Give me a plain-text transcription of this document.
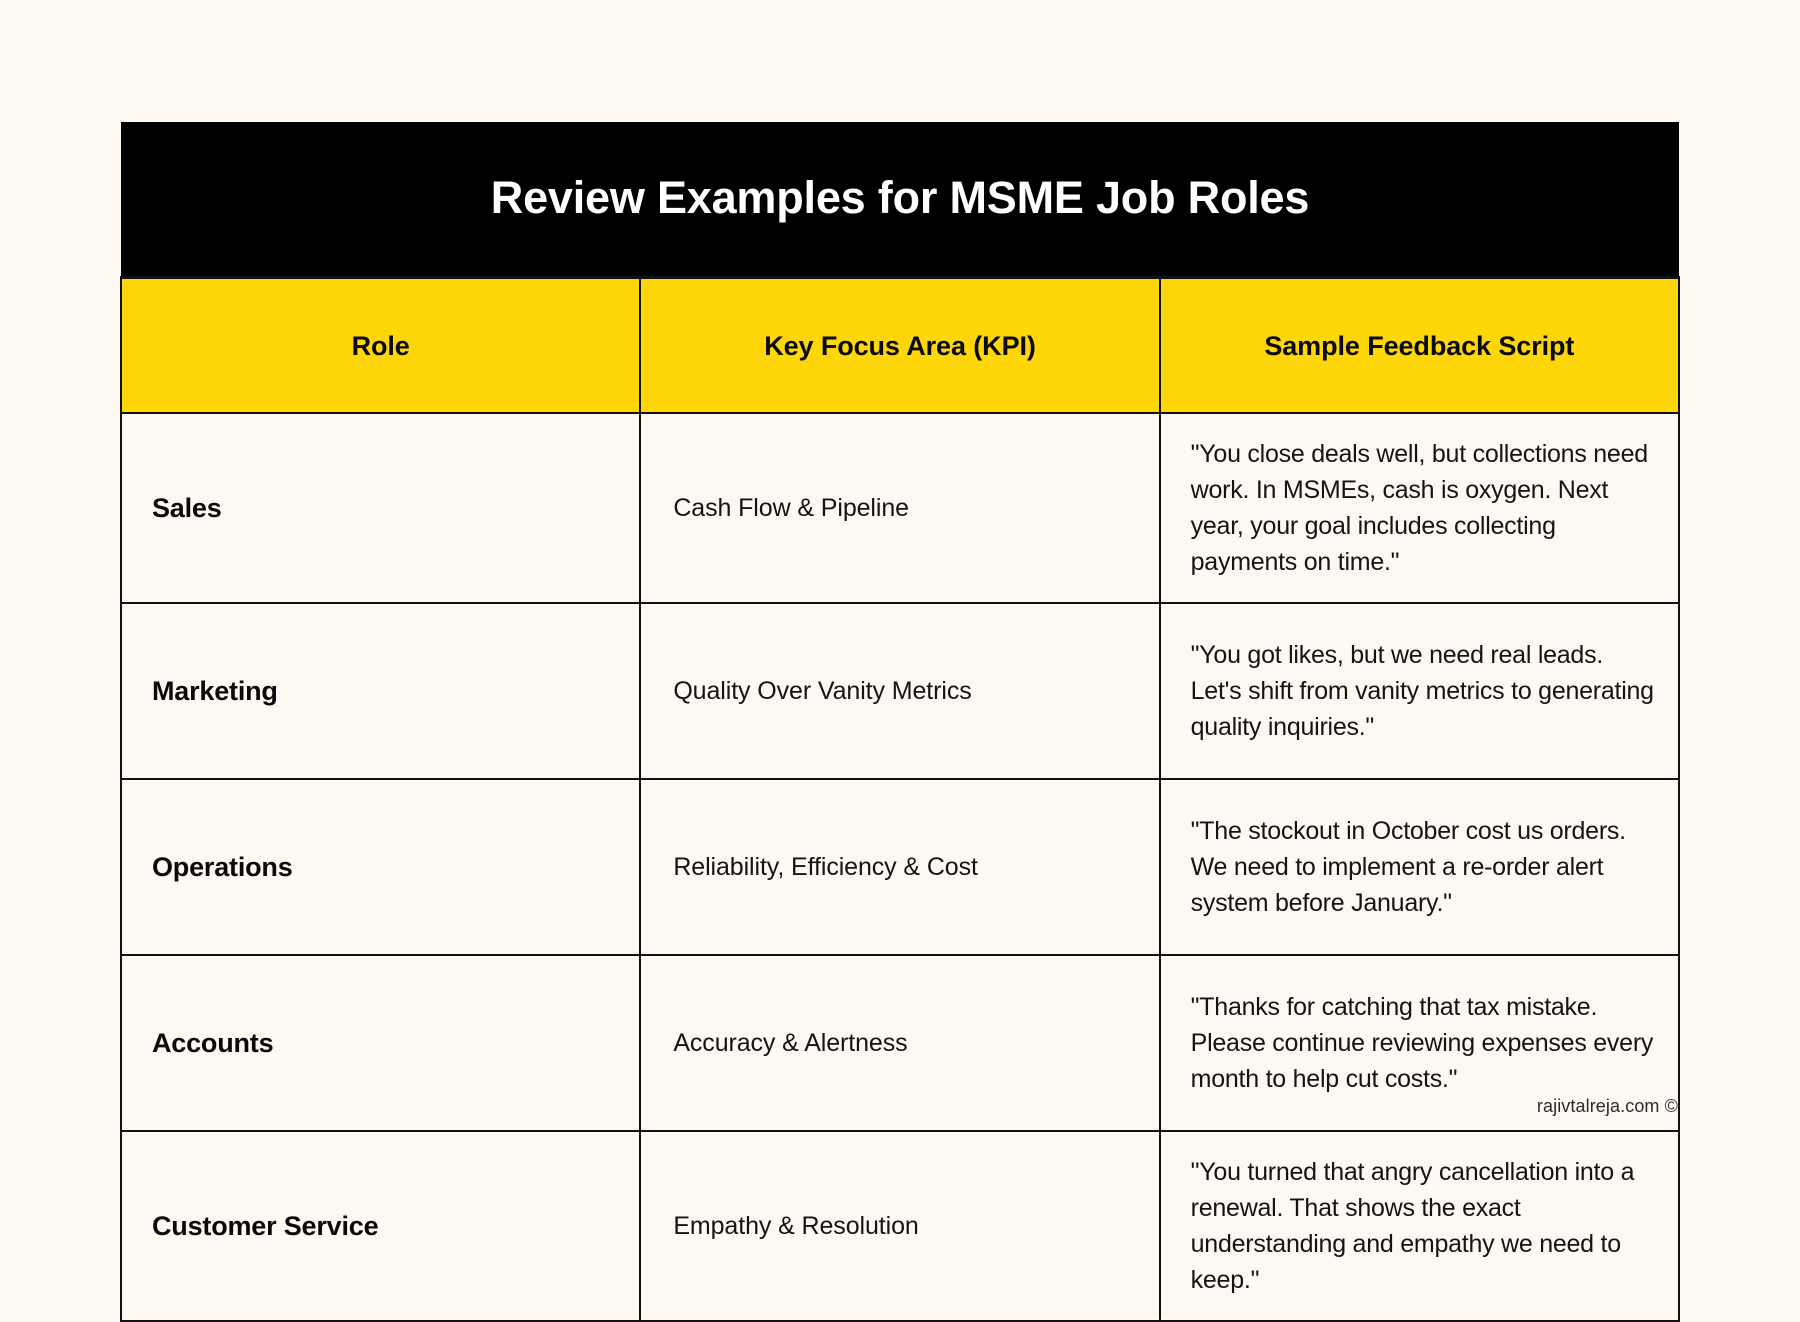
Review Examples for MSME Job Roles		
Role	Key Focus Area (KPI)	Sample Feedback Script
Sales	Cash Flow & Pipeline	"You close deals well, but collections need work. In MSMEs, cash is oxygen. Next year, your goal includes collecting payments on time."
Marketing	Quality Over Vanity Metrics	"You got likes, but we need real leads. Let's shift from vanity metrics to generating quality inquiries."
Operations	Reliability, Efficiency & Cost	"The stockout in October cost us orders. We need to implement a re-order alert system before January."
Accounts	Accuracy & Alertness	"Thanks for catching that tax mistake. Please continue reviewing expenses every month to help cut costs."
Customer Service	Empathy & Resolution	"You turned that angry cancellation into a renewal. That shows the exact understanding and empathy we need to keep."
rajivtalreja.com ©
